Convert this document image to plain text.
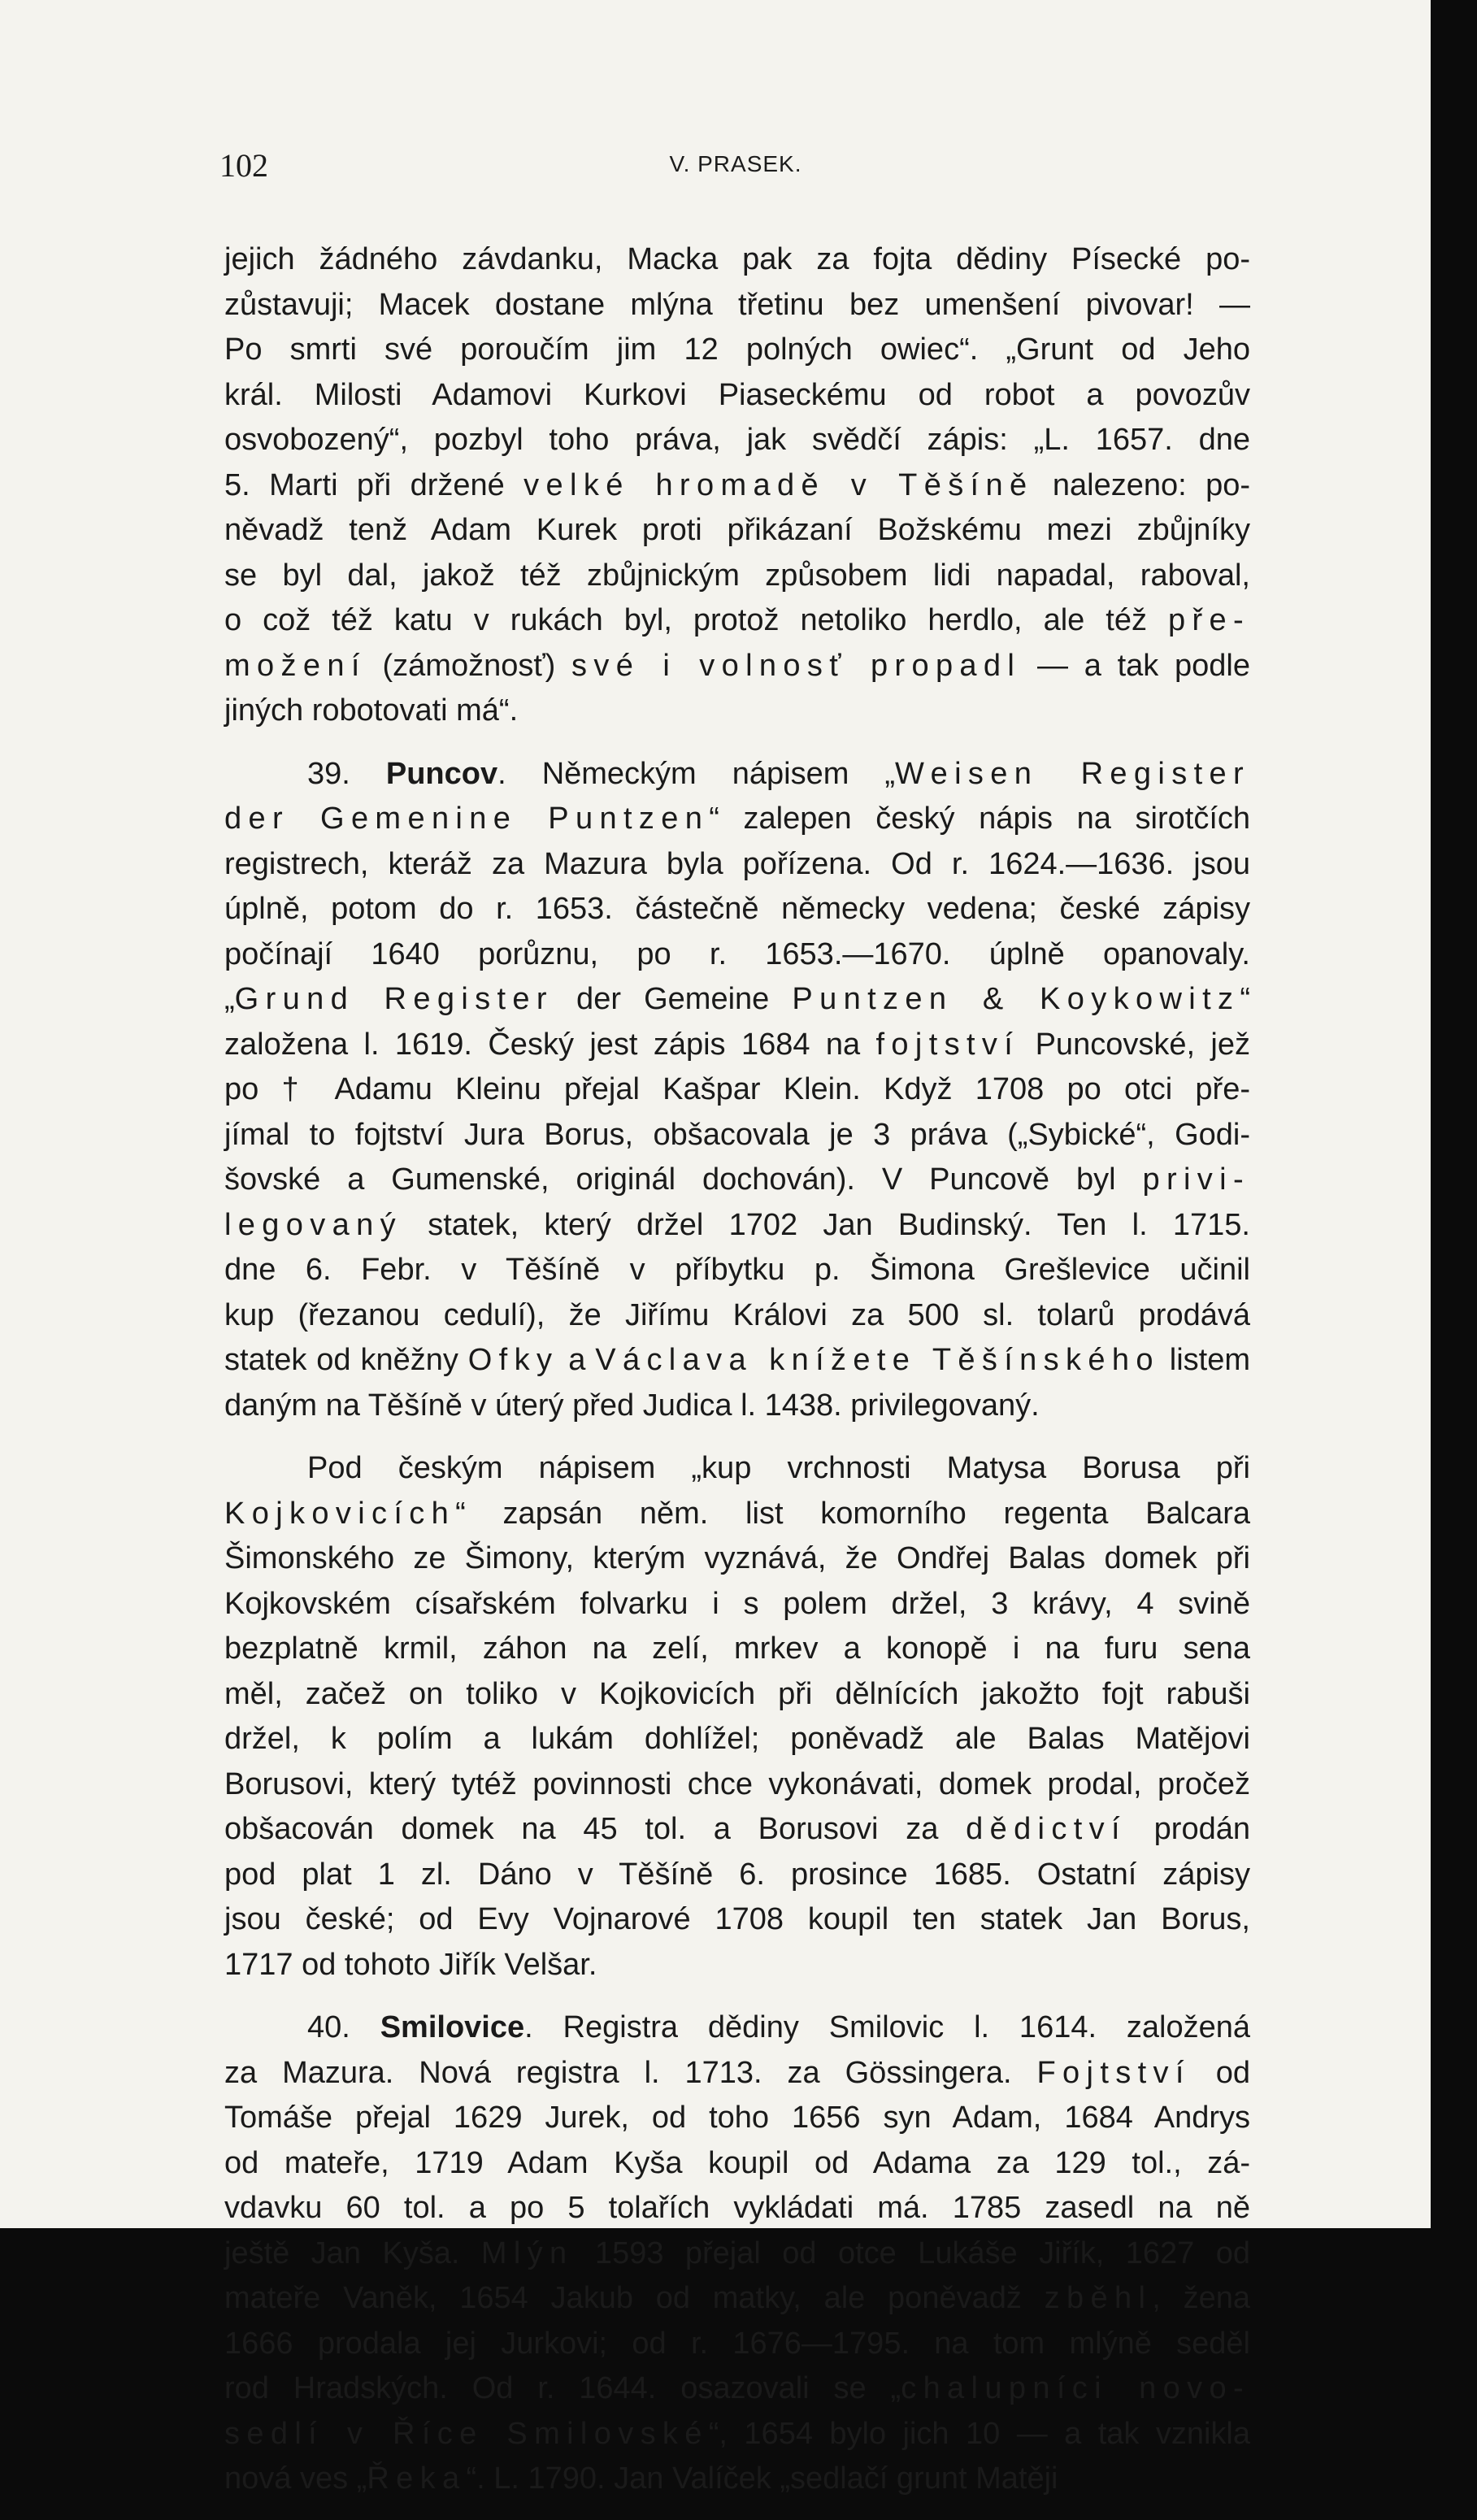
102	V. PRASEK.
jejich žádného závdanku, Macka pak za fojta dědiny Písecké po-
zůstavuji; Macek dostane mlýna třetinu bez umenšení pivovar! —
Po smrti své poroučím jim 12 polných owiec“. „Grunt od Jeho
král. Milosti Adamovi Kurkovi Piaseckému od robot a povozův
osvobozený“, pozbyl toho práva, jak svědčí zápis: „L. 1657. dne
5. Marti při držené velké hromadě v Těšíně nalezeno: po-
něvadž tenž Adam Kurek proti přikázaní Božskému mezi zbůjníky
se byl dal, jakož též zbůjnickým způsobem lidi napadal, raboval,
o což též katu v rukách byl, protož netoliko herdlo, ale též pře-
možení (zámožnosť) své i volnosť propadl — a tak podle
jiných robotovati má“.
39. Puncov. Německým nápisem „Weisen Register
der Gemenine Puntzen“ zalepen český nápis na sirotčích
registrech, kteráž za Mazura byla pořízena. Od r. 1624.—1636. jsou
úplně, potom do r. 1653. částečně německy vedena; české zápisy
počínají 1640 porůznu, po r. 1653.—1670. úplně opanovaly.
„Grund Register der Gemeine Puntzen & Koykowitz“
založena l. 1619. Český jest zápis 1684 na fojtství Puncovské, jež
po † Adamu Kleinu přejal Kašpar Klein. Když 1708 po otci pře-
jímal to fojtství Jura Borus, obšacovala je 3 práva („Sybické“, Godi-
šovské a Gumenské, originál dochován). V Puncově byl privi-
legovaný statek, který držel 1702 Jan Budinský. Ten l. 1715.
dne 6. Febr. v Těšíně v příbytku p. Šimona Grešlevice učinil
kup (řezanou cedulí), že Jiřímu Královi za 500 sl. tolarů prodává
statek od kněžny Ofky a Václava knížete Těšínského listem
daným na Těšíně v úterý před Judica l. 1438. privilegovaný.
Pod českým nápisem „kup vrchnosti Matysa Borusa při
Kojkovicích“ zapsán něm. list komorního regenta Balcara
Šimonského ze Šimony, kterým vyznává, že Ondřej Balas domek při
Kojkovském císařském folvarku i s polem držel, 3 krávy, 4 svině
bezplatně krmil, záhon na zelí, mrkev a konopě i na furu sena
měl, začež on toliko v Kojkovicích při dělnících jakožto fojt rabuši
držel, k polím a lukám dohlížel; poněvadž ale Balas Matějovi
Borusovi, který tytéž povinnosti chce vykonávati, domek prodal, pročež
obšacován domek na 45 tol. a Borusovi za dědictví prodán
pod plat 1 zl. Dáno v Těšíně 6. prosince 1685. Ostatní zápisy
jsou české; od Evy Vojnarové 1708 koupil ten statek Jan Borus,
1717 od tohoto Jiřík Velšar.
40. Smilovice. Registra dědiny Smilovic l. 1614. založená
za Mazura. Nová registra l. 1713. za Gössingera. Fojtství od
Tomáše přejal 1629 Jurek, od toho 1656 syn Adam, 1684 Andrys
od mateře, 1719 Adam Kyša koupil od Adama za 129 tol., zá-
vdavku 60 tol. a po 5 tolařích vykládati má. 1785 zasedl na ně
ještě Jan Kyša. Mlýn 1593 přejal od otce Lukáše Jiřík, 1627 od
mateře Vaněk, 1654 Jakub od matky, ale poněvadž zběhl, žena
1666 prodala jej Jurkovi; od r. 1676—1795. na tom mlýně seděl
rod Hradských. Od r. 1644. osazovali se „chalupníci novo-
sedlí v Říce Smilovské“, 1654 bylo jich 10 — a tak vznikla
nová ves „Řeka“. L. 1790. Jan Valíček „sedlačí grunt Matěji
